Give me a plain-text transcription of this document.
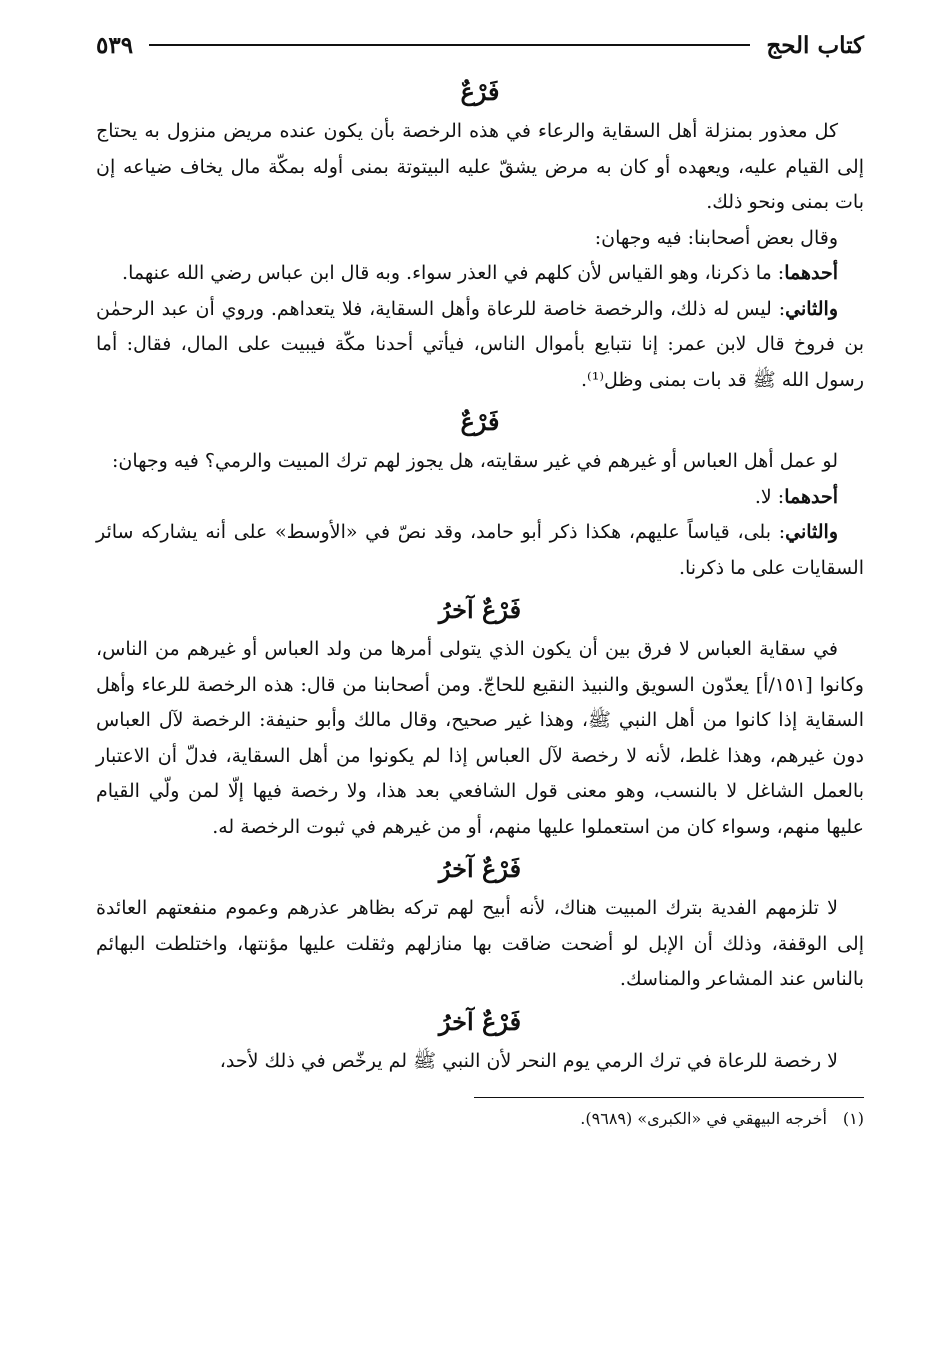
كتاب الحج
٥٣٩
فَرْعٌ

كل معذور بمنزلة أهل السقاية والرعاء في هذه الرخصة بأن يكون عنده مريض منزول به يحتاج إلى القيام عليه، ويعهده أو كان به مرض يشقّ عليه البيتوتة بمنى أوله بمكّة مال يخاف ضياعه إن بات بمنى ونحو ذلك.

وقال بعض أصحابنا: فيه وجهان:

أحدهما: ما ذكرنا، وهو القياس لأن كلهم في العذر سواء. وبه قال ابن عباس رضي الله عنهما.

والثاني: ليس له ذلك، والرخصة خاصة للرعاة وأهل السقاية، فلا يتعداهم. وروي أن عبد الرحمٰن بن فروخ قال لابن عمر: إنا نتبايع بأموال الناس، فيأتي أحدنا مكّة فيبيت على المال، فقال: أما رسول الله ﷺ قد بات بمنى وظل⁽¹⁾.

فَرْعٌ

لو عمل أهل العباس أو غيرهم في غير سقايته، هل يجوز لهم ترك المبيت والرمي؟ فيه وجهان:

أحدهما: لا.

والثاني: بلى، قياساً عليهم، هكذا ذكر أبو حامد، وقد نصّ في «الأوسط» على أنه يشاركه سائر السقايات على ما ذكرنا.

فَرْعٌ آخرُ

في سقاية العباس لا فرق بين أن يكون الذي يتولى أمرها من ولد العباس أو غيرهم من الناس، وكانوا [١٥١/أ] يعدّون السويق والنبيذ النقيع للحاجّ. ومن أصحابنا من قال: هذه الرخصة للرعاء وأهل السقاية إذا كانوا من أهل النبي ﷺ، وهذا غير صحيح، وقال مالك وأبو حنيفة: الرخصة لآل العباس دون غيرهم، وهذا غلط، لأنه لا رخصة لآل العباس إذا لم يكونوا من أهل السقاية، فدلّ أن الاعتبار بالعمل الشاغل لا بالنسب، وهو معنى قول الشافعي بعد هذا، ولا رخصة فيها إلّا لمن ولّي القيام عليها منهم، وسواء كان من استعملوا عليها منهم، أو من غيرهم في ثبوت الرخصة له.

فَرْعٌ آخرُ

لا تلزمهم الفدية بترك المبيت هناك، لأنه أبيح لهم تركه بظاهر عذرهم وعموم منفعتهم العائدة إلى الوقفة، وذلك أن الإبل لو أضحت ضاقت بها منازلهم وثقلت عليها مؤنتها، واختلطت البهائم بالناس عند المشاعر والمناسك.

فَرْعٌ آخرُ

لا رخصة للرعاة في ترك الرمي يوم النحر لأن النبي ﷺ لم يرخّص في ذلك لأحد،

(١)أخرجه البيهقي في «الكبرى» (٩٦٨٩).
